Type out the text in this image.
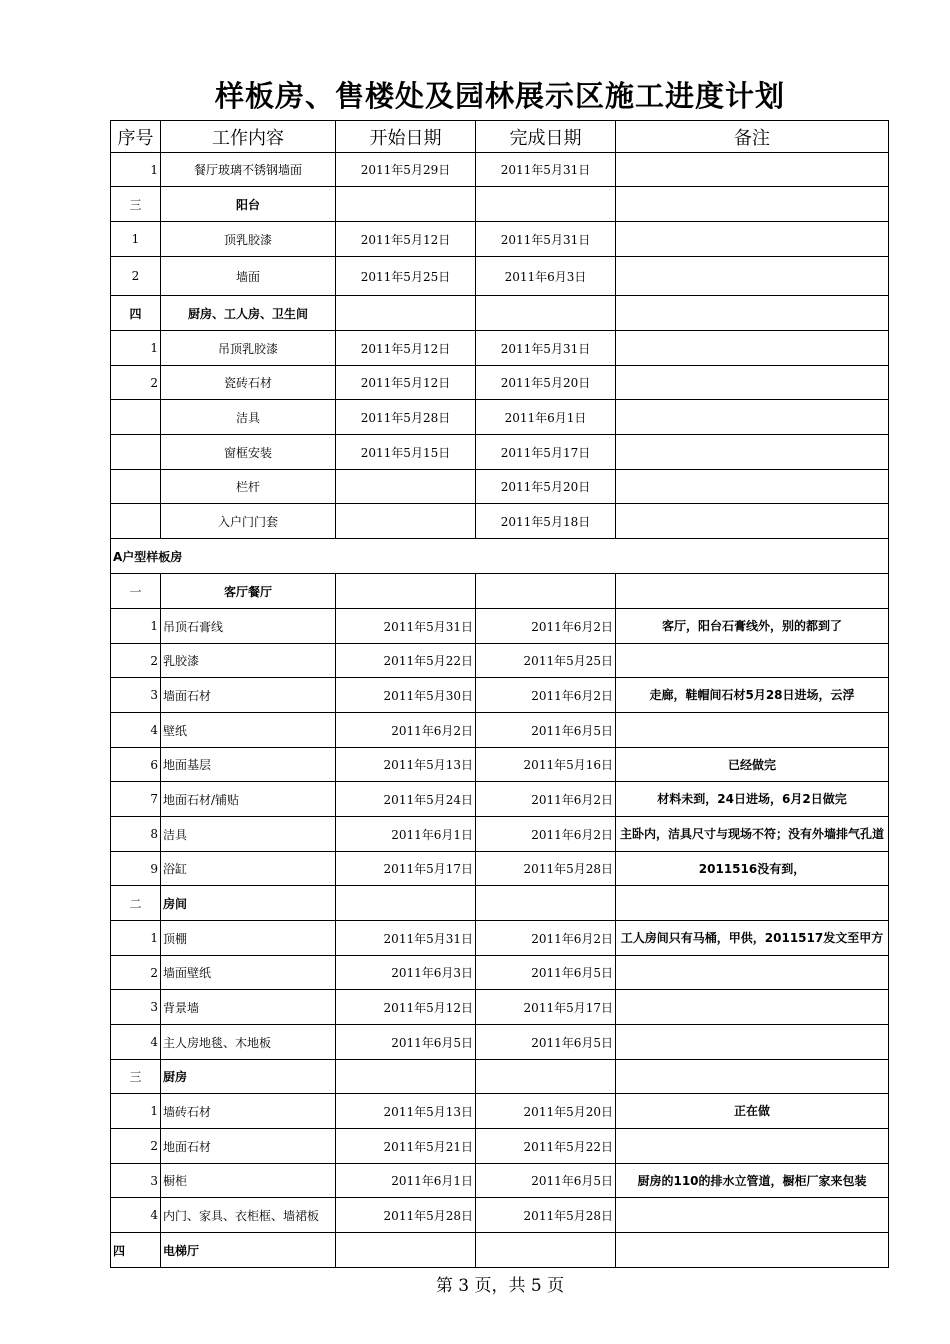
样板房、售楼处及园林展示区施工进度计划
序号	工作内容	开始日期	完成日期	备注
1	餐厅玻璃不锈钢墙面	2011年5月29日	2011年5月31日	
三	阳台			
1	顶乳胶漆	2011年5月12日	2011年5月31日	
2	墙面	2011年5月25日	2011年6月3日	
四	厨房、工人房、卫生间			
1	吊顶乳胶漆	2011年5月12日	2011年5月31日	
2	瓷砖石材	2011年5月12日	2011年5月20日	
	洁具	2011年5月28日	2011年6月1日	
	窗框安装	2011年5月15日	2011年5月17日	
	栏杆		2011年5月20日	
	入户门门套		2011年5月18日	
A户型样板房				
一	客厅餐厅			
1	吊顶石膏线	2011年5月31日	2011年6月2日	客厅，阳台石膏线外，别的都到了
2	乳胶漆	2011年5月22日	2011年5月25日	
3	墙面石材	2011年5月30日	2011年6月2日	走廊，鞋帽间石材5月28日进场，云浮
4	壁纸	2011年6月2日	2011年6月5日	
6	地面基层	2011年5月13日	2011年5月16日	已经做完
7	地面石材/铺贴	2011年5月24日	2011年6月2日	材料未到，24日进场，6月2日做完
8	洁具	2011年6月1日	2011年6月2日	主卧内，洁具尺寸与现场不符；没有外墙排气孔道
9	浴缸	2011年5月17日	2011年5月28日	2011516没有到，
二	房间			
1	顶棚	2011年5月31日	2011年6月2日	工人房间只有马桶，甲供，2011517发文至甲方
2	墙面壁纸	2011年6月3日	2011年6月5日	
3	背景墙	2011年5月12日	2011年5月17日	
4	主人房地毯、木地板	2011年6月5日	2011年6月5日	
三	厨房			
1	墙砖石材	2011年5月13日	2011年5月20日	正在做
2	地面石材	2011年5月21日	2011年5月22日	
3	橱柜	2011年6月1日	2011年6月5日	厨房的110的排水立管道，橱柜厂家来包装
4	内门、家具、衣柜框、墙裙板	2011年5月28日	2011年5月28日	
四	电梯厅			
第 3 页，共 5 页
